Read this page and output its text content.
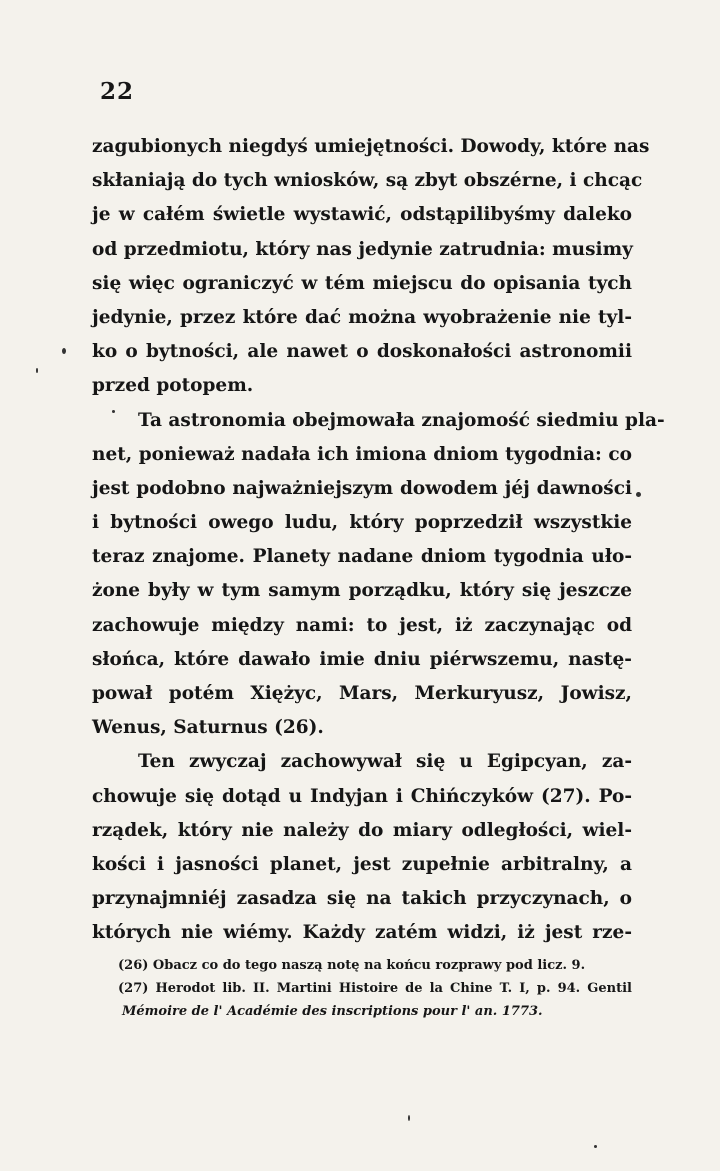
22
zagubionych niegdyś umiejętności. Dowody, które nas
skłaniają do tych wniosków, są zbyt obszérne, i chcąc
je w całém świetle wystawić, odstąpilibyśmy daleko
od przedmiotu, który nas jedynie zatrudnia: musimy
się więc ograniczyć w tém miejscu do opisania tych
jedynie, przez które dać można wyobrażenie nie tyl-
ko o bytności, ale nawet o doskonałości astronomii
przed potopem.
Ta astronomia obejmowała znajomość siedmiu pla-
net, ponieważ nadała ich imiona dniom tygodnia: co
jest podobno najważniejszym dowodem jéj dawności
i bytności owego ludu, który poprzedził wszystkie
teraz znajome. Planety nadane dniom tygodnia uło-
żone były w tym samym porządku, który się jeszcze
zachowuje między nami: to jest, iż zaczynając od
słońca, które dawało imie dniu piérwszemu, nastę-
pował potém Xiężyc, Mars, Merkuryusz, Jowisz,
Wenus, Saturnus (26).
Ten zwyczaj zachowywał się u Egipcyan, za-
chowuje się dotąd u Indyjan i Chińczyków (27). Po-
rządek, który nie należy do miary odległości, wiel-
kości i jasności planet, jest zupełnie arbitralny, a
przynajmniéj zasadza się na takich przyczynach, o
których nie wiémy. Każdy zatém widzi, iż jest rze-
(26) Obacz co do tego naszą notę na końcu rozprawy pod licz. 9.
(27) Herodot lib. II. Martini Histoire de la Chine T. I, p. 94. Gentil
Mémoire de l' Académie des inscriptions pour l' an. 1773.
